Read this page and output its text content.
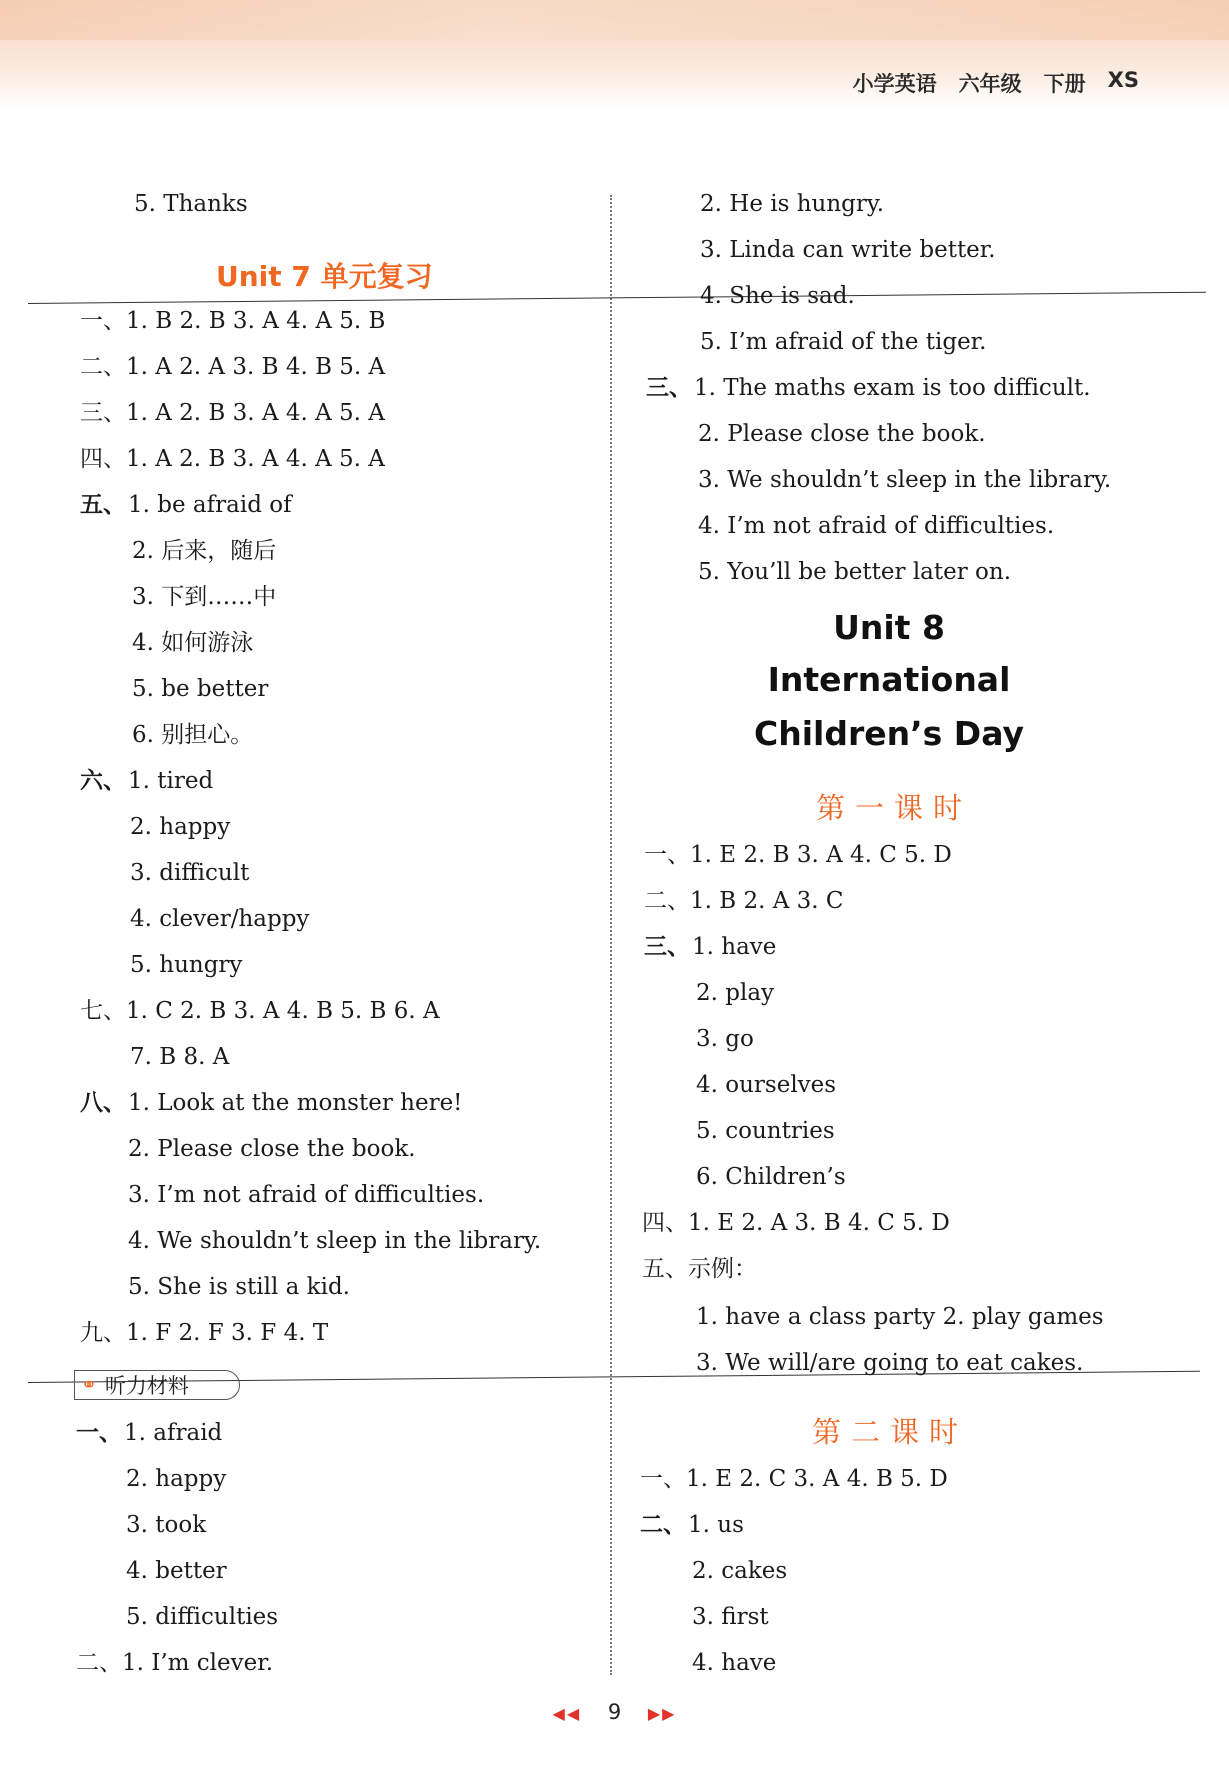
小学英语 六年级 下册 XS
5. Thanks
Unit 7 单元复习
一、1. B 2. B 3. A 4. A 5. B
二、1. A 2. A 3. B 4. B 5. A
三、1. A 2. B 3. A 4. A 5. A
四、1. A 2. B 3. A 4. A 5. A
五、1. be afraid of
2. 后来，随后
3. 下到……中
4. 如何游泳
5. be better
6. 别担心。
六、1. tired
2. happy
3. difficult
4. clever/happy
5. hungry
七、1. C 2. B 3. A 4. B 5. B 6. A
7. B 8. A
八、1. Look at the monster here!
2. Please close the book.
3. I’m not afraid of difficulties.
4. We shouldn’t sleep in the library.
5. She is still a kid.
九、1. F 2. F 3. F 4. T
⚭ 听力材料
一、1. afraid
2. happy
3. took
4. better
5. difficulties
二、1. I’m clever.
2. He is hungry.
3. Linda can write better.
4. She is sad.
5. I’m afraid of the tiger.
三、1. The maths exam is too difficult.
2. Please close the book.
3. We shouldn’t sleep in the library.
4. I’m not afraid of difficulties.
5. You’ll be better later on.
Unit 8
International
Children’s Day
第一课时
一、1. E 2. B 3. A 4. C 5. D
二、1. B 2. A 3. C
三、1. have
2. play
3. go
4. ourselves
5. countries
6. Children’s
四、1. E 2. A 3. B 4. C 5. D
五、示例：
1. have a class party 2. play games
3. We will/are going to eat cakes.
第二课时
一、1. E 2. C 3. A 4. B 5. D
二、1. us
2. cakes
3. first
4. have
◀◀ 9 ▶▶
